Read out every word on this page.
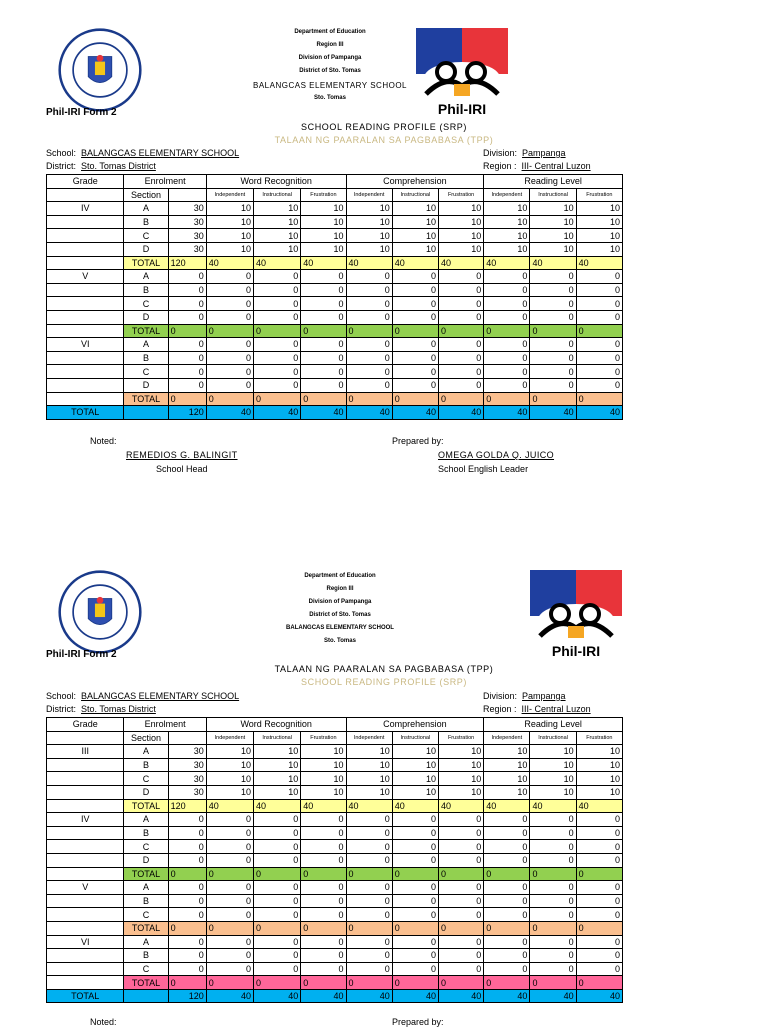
Phil-IRI
Department of Education
Region III
Division of Pampanga
District of Sto. Tomas
BALANGCAS ELEMENTARY SCHOOL
Sto. Tomas
Phil-IRI Form 2
SCHOOL READING PROFILE (SRP)
TALAAN NG PAARALAN SA PAGBABASA (TPP)
School: BALANGCAS ELEMENTARY SCHOOL
District: Sto. Tomas District
Division: Pampanga
Region : III- Central Luzon
Grade	Enrolment		Word Recognition			Comprehension			Reading Level		
	Section		Independent	Instructional	Frustration	Independent	Instructional	Frustration	Independent	Instructional	Frustration
IV	A	30	10	10	10	10	10	10	10	10	10
	B	30	10	10	10	10	10	10	10	10	10
	C	30	10	10	10	10	10	10	10	10	10
	D	30	10	10	10	10	10	10	10	10	10
	TOTAL	120	40	40	40	40	40	40	40	40	40
V	A	0	0	0	0	0	0	0	0	0	0
	B	0	0	0	0	0	0	0	0	0	0
	C	0	0	0	0	0	0	0	0	0	0
	D	0	0	0	0	0	0	0	0	0	0
	TOTAL	0	0	0	0	0	0	0	0	0	0
VI	A	0	0	0	0	0	0	0	0	0	0
	B	0	0	0	0	0	0	0	0	0	0
	C	0	0	0	0	0	0	0	0	0	0
	D	0	0	0	0	0	0	0	0	0	0
	TOTAL	0	0	0	0	0	0	0	0	0	0
TOTAL		120	40	40	40	40	40	40	40	40	40
Noted:
REMEDIOS G. BALINGIT
School Head
Prepared by:
OMEGA GOLDA Q. JUICO
School English Leader
Phil-IRI
Department of Education
Region III
Division of Pampanga
District of Sto. Tomas
BALANGCAS ELEMENTARY SCHOOL
Sto. Tomas
Phil-IRI Form 2
TALAAN NG PAARALAN SA PAGBABASA (TPP)
SCHOOL READING PROFILE (SRP)
School: BALANGCAS ELEMENTARY SCHOOL
District: Sto. Tomas District
Division: Pampanga
Region : III- Central Luzon
Grade	Enrolment		Word Recognition			Comprehension			Reading Level		
	Section		Independent	Instructional	Frustration	Independent	Instructional	Frustration	Independent	Instructional	Frustration
III	A	30	10	10	10	10	10	10	10	10	10
	B	30	10	10	10	10	10	10	10	10	10
	C	30	10	10	10	10	10	10	10	10	10
	D	30	10	10	10	10	10	10	10	10	10
	TOTAL	120	40	40	40	40	40	40	40	40	40
IV	A	0	0	0	0	0	0	0	0	0	0
	B	0	0	0	0	0	0	0	0	0	0
	C	0	0	0	0	0	0	0	0	0	0
	D	0	0	0	0	0	0	0	0	0	0
	TOTAL	0	0	0	0	0	0	0	0	0	0
V	A	0	0	0	0	0	0	0	0	0	0
	B	0	0	0	0	0	0	0	0	0	0
	C	0	0	0	0	0	0	0	0	0	0
	TOTAL	0	0	0	0	0	0	0	0	0	0
VI	A	0	0	0	0	0	0	0	0	0	0
	B	0	0	0	0	0	0	0	0	0	0
	C	0	0	0	0	0	0	0	0	0	0
	TOTAL	0	0	0	0	0	0	0	0	0	0
TOTAL		120	40	40	40	40	40	40	40	40	40
Noted:	Prepared by:
